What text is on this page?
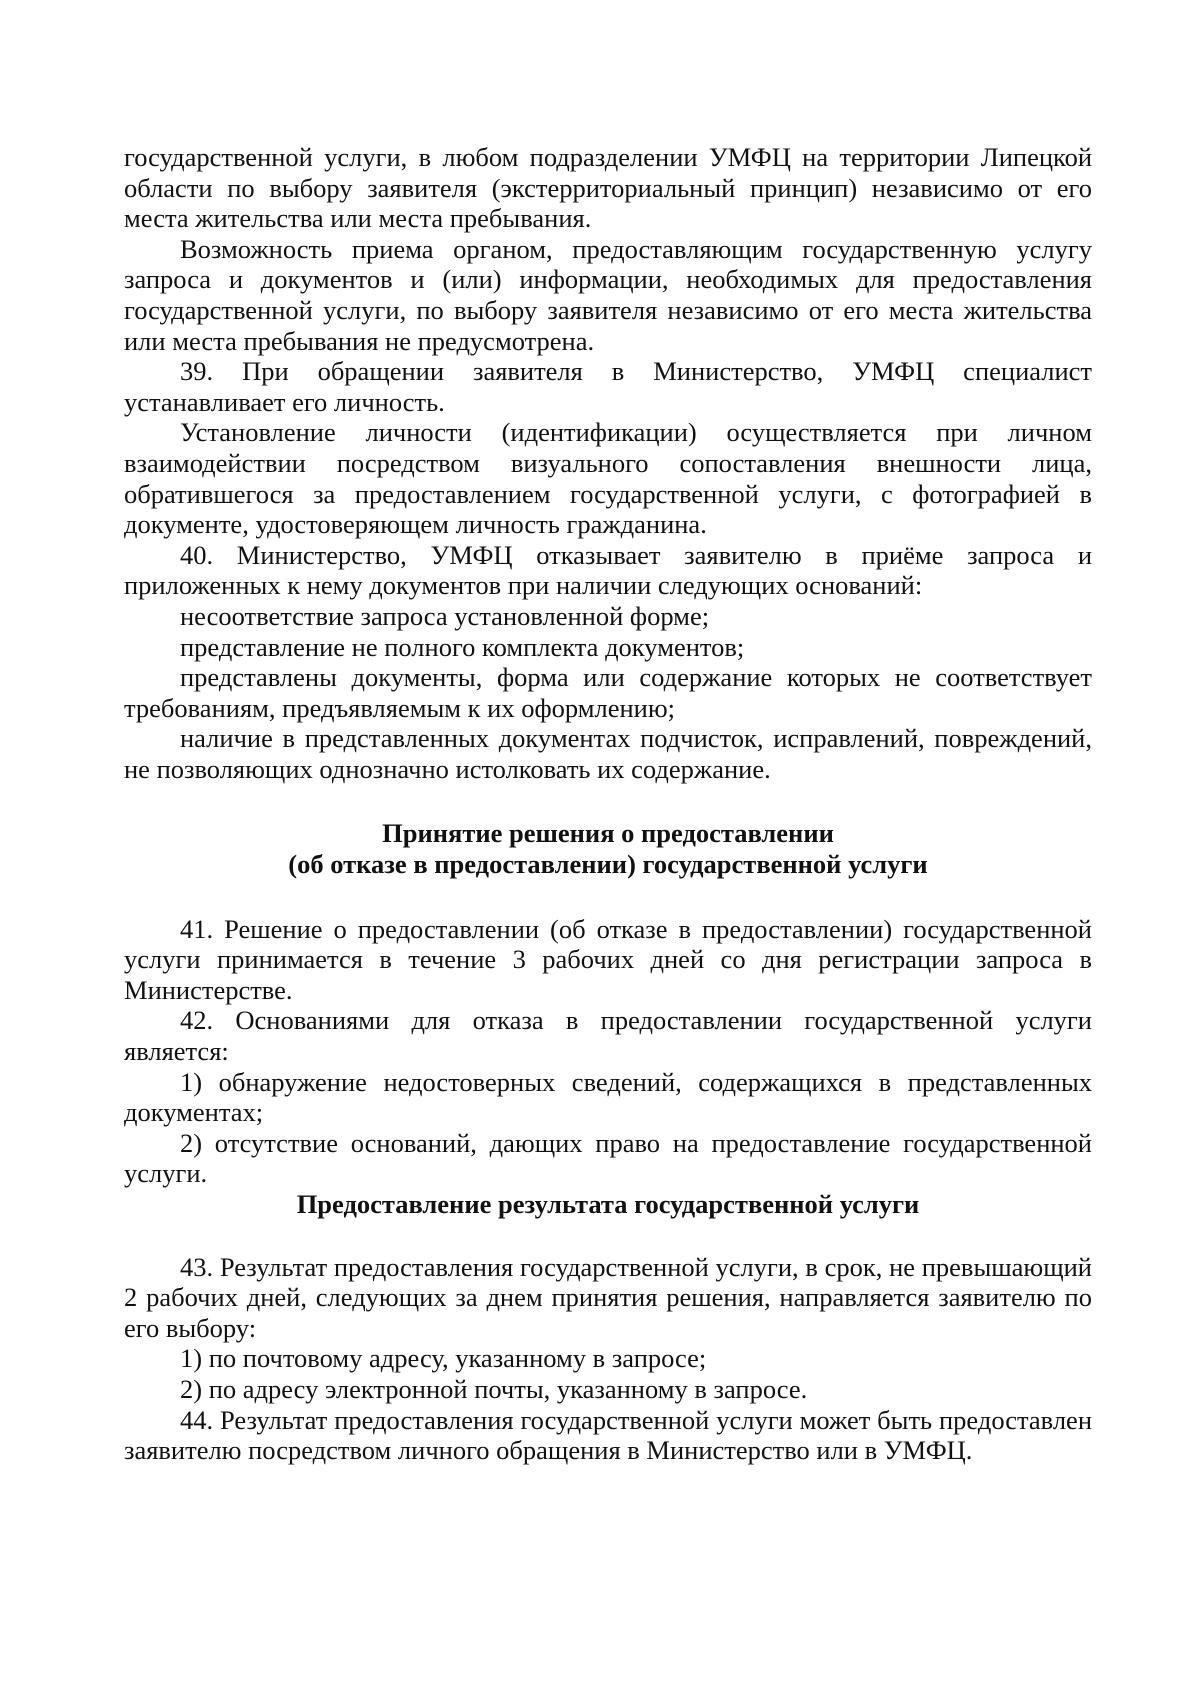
государственной услуги, в любом подразделении УМФЦ на территории Липецкой области по выбору заявителя (экстерриториальный принцип) независимо от его места жительства или места пребывания.

Возможность приема органом, предоставляющим государственную услугу запроса и документов и (или) информации, необходимых для предоставления государственной услуги, по выбору заявителя независимо от его места жительства или места пребывания не предусмотрена.

39. При обращении заявителя в Министерство, УМФЦ специалист устанавливает его личность.

Установление личности (идентификации) осуществляется при личном взаимодействии посредством визуального сопоставления внешности лица, обратившегося за предоставлением государственной услуги, с фотографией в документе, удостоверяющем личность гражданина.

40. Министерство, УМФЦ отказывает заявителю в приёме запроса и приложенных к нему документов при наличии следующих оснований:

несоответствие запроса установленной форме;

представление не полного комплекта документов;

представлены документы, форма или содержание которых не соответствует требованиям, предъявляемым к их оформлению;

наличие в представленных документах подчисток, исправлений, повреждений, не позволяющих однозначно истолковать их содержание.

Принятие решения о предоставлении

(об отказе в предоставлении) государственной услуги

41. Решение о предоставлении (об отказе в предоставлении) государственной услуги принимается в течение 3 рабочих дней со дня регистрации запроса в Министерстве.

42. Основаниями для отказа в предоставлении государственной услуги является:

1) обнаружение недостоверных сведений, содержащихся в представленных документах;

2) отсутствие оснований, дающих право на предоставление государственной услуги.

Предоставление результата государственной услуги

43. Результат предоставления государственной услуги, в срок, не превышающий 2 рабочих дней, следующих за днем принятия решения, направляется заявителю по его выбору:

1) по почтовому адресу, указанному в запросе;

2) по адресу электронной почты, указанному в запросе.

44. Результат предоставления государственной услуги может быть предоставлен заявителю посредством личного обращения в Министерство или в УМФЦ.
